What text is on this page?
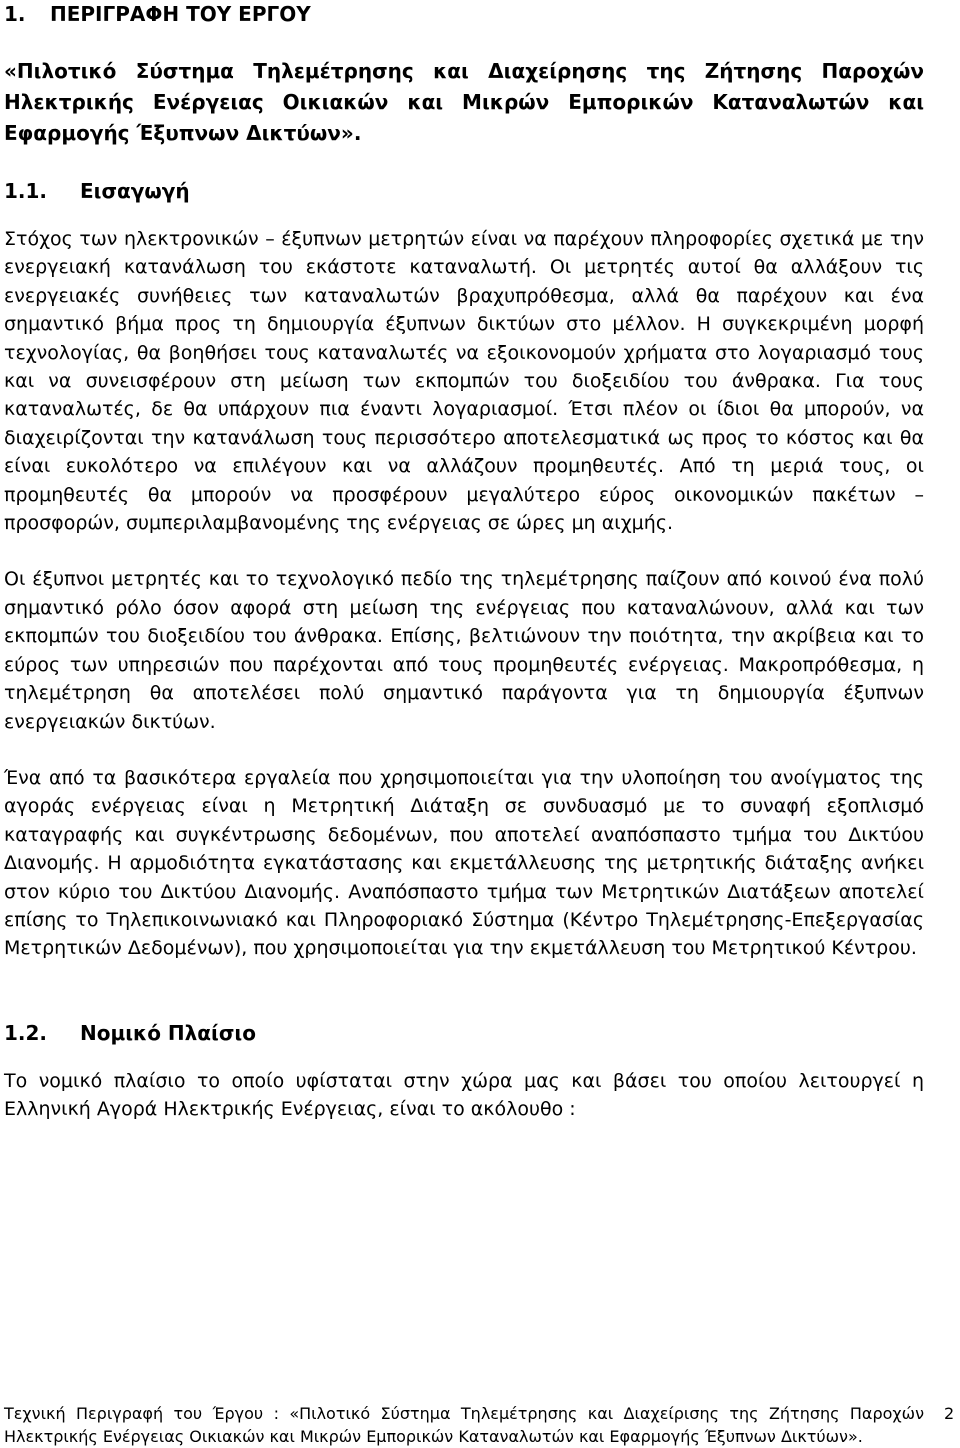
1.	ΠΕΡΙΓΡΑΦΗ ΤΟΥ ΕΡΓΟΥ

«Πιλοτικό Σύστημα Τηλεμέτρησης και Διαχείρησης της Ζήτησης Παροχών Ηλεκτρικής Ενέργειας Οικιακών και Μικρών Εμπορικών Καταναλωτών και Εφαρμογής Έξυπνων Δικτύων».

1.1.	Εισαγωγή

Στόχος των ηλεκτρονικών – έξυπνων μετρητών είναι να παρέχουν πληροφορίες σχετικά με την ενεργειακή κατανάλωση του εκάστοτε καταναλωτή. Οι μετρητές αυτοί θα αλλάξουν τις ενεργειακές συνήθειες των καταναλωτών βραχυπρόθεσμα, αλλά θα παρέχουν και ένα σημαντικό βήμα προς τη δημιουργία έξυπνων δικτύων στο μέλλον. Η συγκεκριμένη μορφή τεχνολογίας, θα βοηθήσει τους καταναλωτές να εξοικονομούν χρήματα στο λογαριασμό τους και να συνεισφέρουν στη μείωση των εκπομπών του διοξειδίου του άνθρακα. Για τους καταναλωτές, δε θα υπάρχουν πια έναντι λογαριασμοί. Έτσι πλέον οι ίδιοι θα μπορούν, να διαχειρίζονται την κατανάλωση τους περισσότερο αποτελεσματικά ως προς το κόστος και θα είναι ευκολότερο να επιλέγουν και να αλλάζουν προμηθευτές. Από τη μεριά τους, οι προμηθευτές θα μπορούν να προσφέρουν μεγαλύτερο εύρος οικονομικών πακέτων – προσφορών, συμπεριλαμβανομένης της ενέργειας σε ώρες μη αιχμής.

Οι έξυπνοι μετρητές και το τεχνολογικό πεδίο της τηλεμέτρησης παίζουν από κοινού ένα πολύ σημαντικό ρόλο όσον αφορά στη μείωση της ενέργειας που καταναλώνουν, αλλά και των εκπομπών του διοξειδίου του άνθρακα. Επίσης, βελτιώνουν την ποιότητα, την ακρίβεια και το εύρος των υπηρεσιών που παρέχονται από τους προμηθευτές ενέργειας. Μακροπρόθεσμα, η τηλεμέτρηση θα αποτελέσει πολύ σημαντικό παράγοντα για τη δημιουργία έξυπνων ενεργειακών δικτύων.

Ένα από τα βασικότερα εργαλεία που χρησιμοποιείται για την υλοποίηση του ανοίγματος της αγοράς ενέργειας είναι η Μετρητική Διάταξη σε συνδυασμό με το συναφή εξοπλισμό καταγραφής και συγκέντρωσης δεδομένων, που αποτελεί αναπόσπαστο τμήμα του Δικτύου Διανομής. Η αρμοδιότητα εγκατάστασης και εκμετάλλευσης της μετρητικής διάταξης ανήκει στον κύριο του Δικτύου Διανομής. Αναπόσπαστο τμήμα των Μετρητικών Διατάξεων αποτελεί επίσης το Τηλεπικοινωνιακό και Πληροφοριακό Σύστημα (Κέντρο Τηλεμέτρησης-Επεξεργασίας Μετρητικών Δεδομένων), που χρησιμοποιείται για την εκμετάλλευση του Μετρητικού Κέντρου.

1.2.	Νομικό Πλαίσιο

Το νομικό πλαίσιο το οποίο υφίσταται στην χώρα μας και βάσει του οποίου λειτουργεί η Ελληνική Αγορά Ηλεκτρικής Ενέργειας, είναι το ακόλουθο :

Τεχνική Περιγραφή του Έργου : «Πιλοτικό Σύστημα Τηλεμέτρησης και Διαχείρισης της Ζήτησης Παροχών Ηλεκτρικής Ενέργειας Οικιακών και Μικρών Εμπορικών Καταναλωτών και Εφαρμογής Έξυπνων Δικτύων».
2
